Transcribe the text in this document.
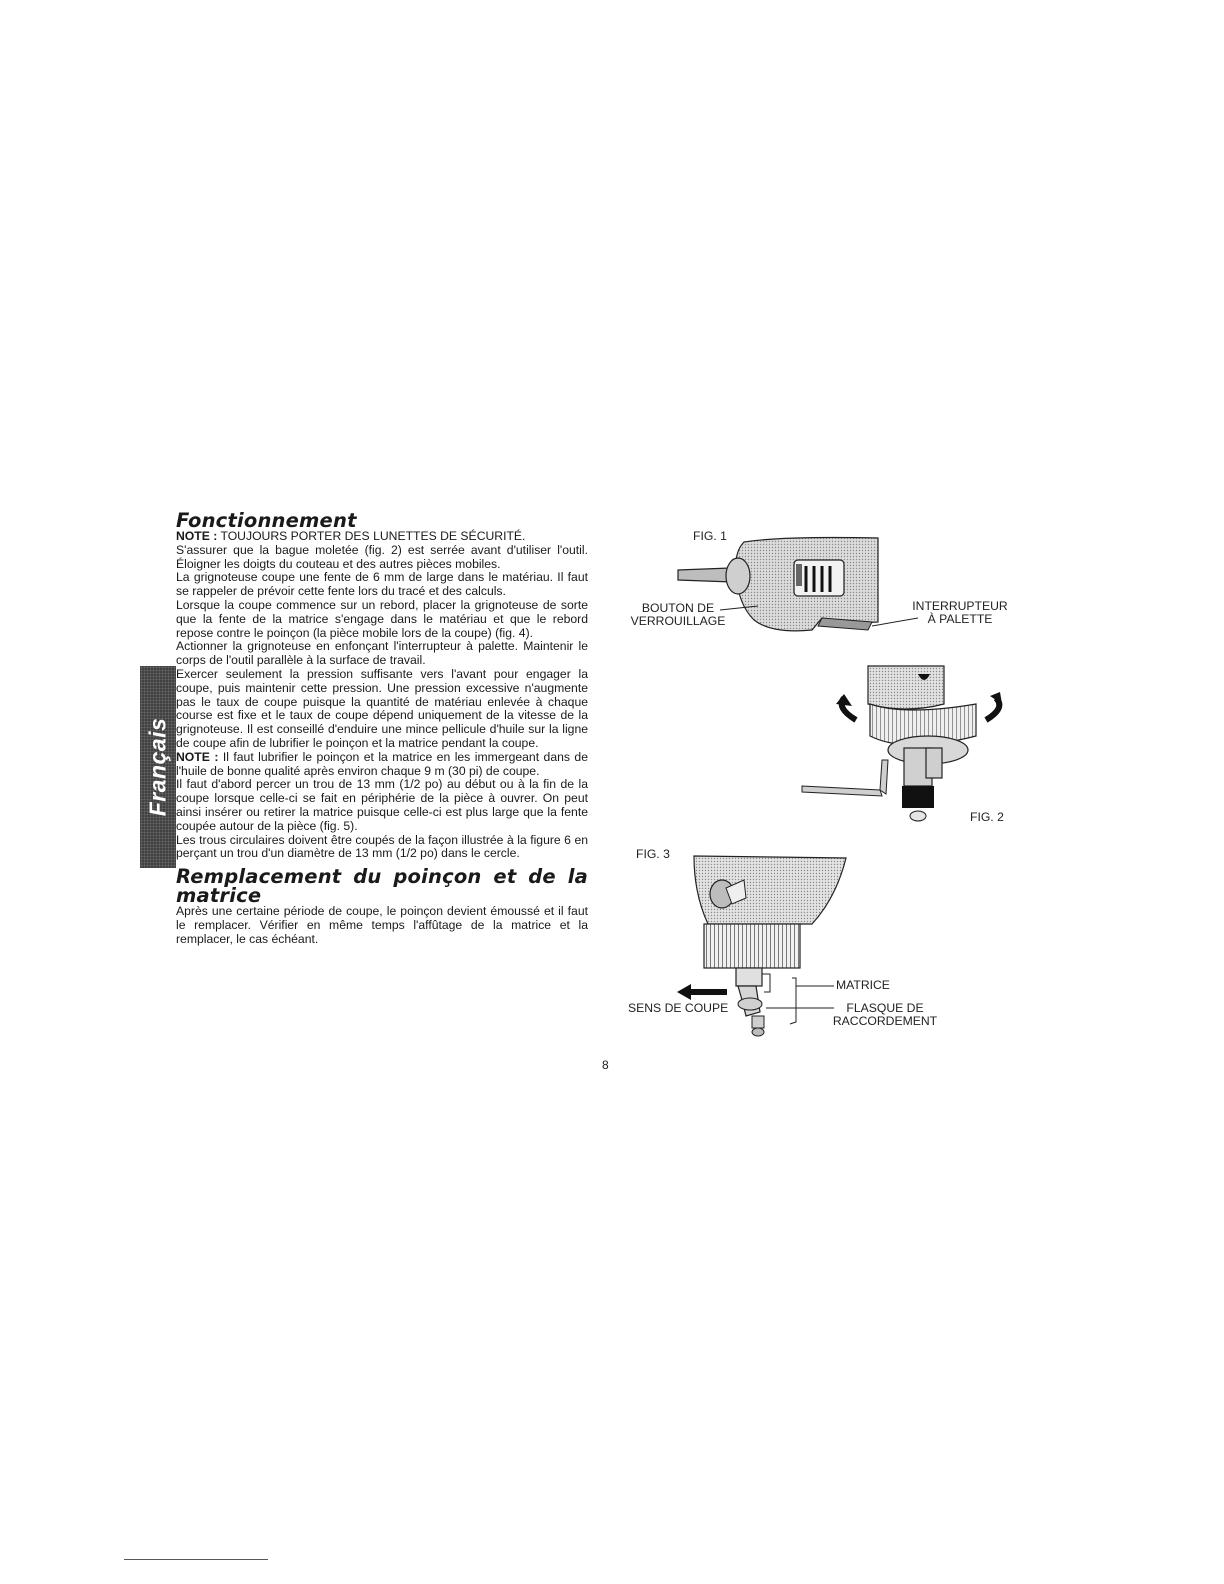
Français
Fonctionnement

NOTE : TOUJOURS PORTER DES LUNETTES DE SÉCURITÉ.

S'assurer que la bague moletée (fig. 2) est serrée avant d'utiliser l'outil. Éloigner les doigts du couteau et des autres pièces mobiles.

La grignoteuse coupe une fente de 6 mm de large dans le matériau. Il faut se rappeler de prévoir cette fente lors du tracé et des calculs.

Lorsque la coupe commence sur un rebord, placer la grignoteuse de sorte que la fente de la matrice s'engage dans le matériau et que le rebord repose contre le poinçon (la pièce mobile lors de la coupe) (fig. 4).

Actionner la grignoteuse en enfonçant l'interrupteur à palette. Maintenir le corps de l'outil parallèle à la surface de travail.

Exercer seulement la pression suffisante vers l'avant pour engager la coupe, puis maintenir cette pression. Une pression excessive n'augmente pas le taux de coupe puisque la quantité de matériau enlevée à chaque course est fixe et le taux de coupe dépend uniquement de la vitesse de la grignoteuse. Il est conseillé d'enduire une mince pellicule d'huile sur la ligne de coupe afin de lubrifier le poinçon et la matrice pendant la coupe.

NOTE : Il faut lubrifier le poinçon et la matrice en les immergeant dans de l'huile de bonne qualité après environ chaque 9 m (30 pi) de coupe.

Il faut d'abord percer un trou de 13 mm (1/2 po) au début ou à la fin de la coupe lorsque celle-ci se fait en périphérie de la pièce à ouvrer. On peut ainsi insérer ou retirer la matrice puisque celle-ci est plus large que la fente coupée autour de la pièce (fig. 5).

Les trous circulaires doivent être coupés de la façon illustrée à la figure 6 en perçant un trou d'un diamètre de 13 mm (1/2 po) dans le cercle.

Remplacement du poinçon et de la matrice

Après une certaine période de coupe, le poinçon devient émoussé et il faut le remplacer. Vérifier en même temps l'affûtage de la matrice et la remplacer, le cas échéant.

FIG. 1
BOUTON DE
VERROUILLAGE
INTERRUPTEUR
À PALETTE
FIG. 2
FIG. 3
SENS DE COUPE
MATRICE
FLASQUE DE
RACCORDEMENT
8
